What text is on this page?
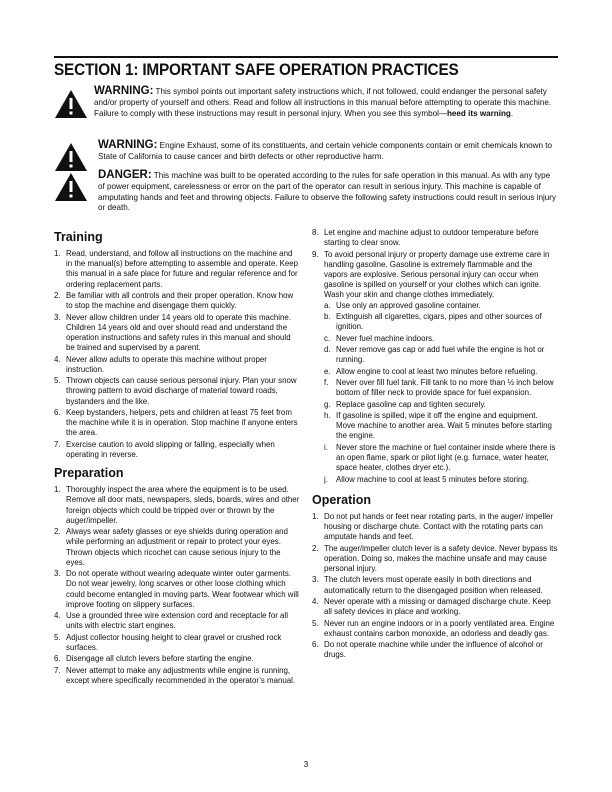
SECTION 1: IMPORTANT SAFE OPERATION PRACTICES

WARNING: This symbol points out important safety instructions which, if not followed, could endanger the personal safety and/or property of yourself and others. Read and follow all instructions in this manual before attempting to operate this machine. Failure to comply with these instructions may result in personal injury. When you see this symbol—heed its warning.

WARNING: Engine Exhaust, some of its constituents, and certain vehicle components contain or emit chemicals known to State of California to cause cancer and birth defects or other reproductive harm.

DANGER: This machine was built to be operated according to the rules for safe operation in this manual. As with any type of power equipment, carelessness or error on the part of the operator can result in serious injury. This machine is capable of amputating hands and feet and throwing objects. Failure to observe the following safety instructions could result in serious injury or death.

Training
1. Read, understand, and follow all instructions on the machine and in the manual(s) before attempting to assemble and operate. Keep this manual in a safe place for future and regular reference and for ordering replacement parts.
2. Be familiar with all controls and their proper operation. Know how to stop the machine and disengage them quickly.
3. Never allow children under 14 years old to operate this machine. Children 14 years old and over should read and understand the operation instructions and safety rules in this manual and should be trained and supervised by a parent.
4. Never allow adults to operate this machine without proper instruction.
5. Thrown objects can cause serious personal injury. Plan your snow throwing pattern to avoid discharge of material toward roads, bystanders and the like.
6. Keep bystanders, helpers, pets and children at least 75 feet from the machine while it is in operation. Stop machine if anyone enters the area.
7. Exercise caution to avoid slipping or falling, especially when operating in reverse.
Preparation
1. Thoroughly inspect the area where the equipment is to be used. Remove all door mats, newspapers, sleds, boards, wires and other foreign objects which could be tripped over or thrown by the auger/impeller.
2. Always wear safety glasses or eye shields during operation and while performing an adjustment or repair to protect your eyes. Thrown objects which ricochet can cause serious injury to the eyes.
3. Do not operate without wearing adequate winter outer garments. Do not wear jewelry, long scarves or other loose clothing which could become entangled in moving parts. Wear footwear which will improve footing on slippery surfaces.
4. Use a grounded three wire extension cord and receptacle for all units with electric start engines.
5. Adjust collector housing height to clear gravel or crushed rock surfaces.
6. Disengage all clutch levers before starting the engine.
7. Never attempt to make any adjustments while engine is running, except where specifically recommended in the operator’s manual.
8. Let engine and machine adjust to outdoor temperature before starting to clear snow.
9. To avoid personal injury or property damage use extreme care in handling gasoline. Gasoline is extremely flammable and the vapors are explosive. Serious personal injury can occur when gasoline is spilled on yourself or your clothes which can ignite. Wash your skin and change clothes immediately.
a. Use only an approved gasoline container.
b. Extinguish all cigarettes, cigars, pipes and other sources of ignition.
c. Never fuel machine indoors.
d. Never remove gas cap or add fuel while the engine is hot or running.
e. Allow engine to cool at least two minutes before refueling.
f. Never over fill fuel tank. Fill tank to no more than ½ inch below bottom of filler neck to provide space for fuel expansion.
g. Replace gasoline cap and tighten securely.
h. If gasoline is spilled, wipe it off the engine and equipment. Move machine to another area. Wait 5 minutes before starting the engine.
i. Never store the machine or fuel container inside where there is an open flame, spark or pilot light (e.g. furnace, water heater, space heater, clothes dryer etc.).
j. Allow machine to cool at least 5 minutes before storing.
Operation
1. Do not put hands or feet near rotating parts, in the auger/ impeller housing or discharge chute. Contact with the rotating parts can amputate hands and feet.
2. The auger/impeller clutch lever is a safety device. Never bypass its operation. Doing so, makes the machine unsafe and may cause personal injury.
3. The clutch levers must operate easily in both directions and automatically return to the disengaged position when released.
4. Never operate with a missing or damaged discharge chute. Keep all safety devices in place and working.
5. Never run an engine indoors or in a poorly ventilated area. Engine exhaust contains carbon monoxide, an odorless and deadly gas.
6. Do not operate machine while under the influence of alcohol or drugs.
3
